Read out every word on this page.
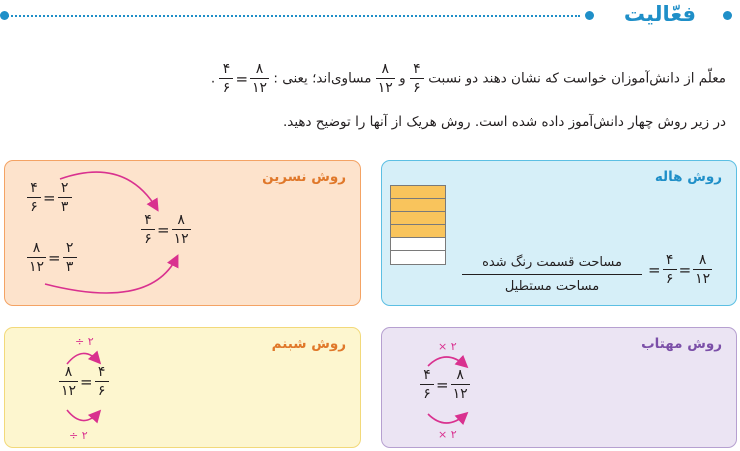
فعّالیت
معلّم از دانش‌آموزان خواست که نشان دهند دو نسبت
$\frac{۴}{۶}$
و
$\frac{۸}{۱۲}$
مساوی‌اند؛ یعنی :
$\frac{۴}{۶} = \frac{۸}{۱۲}$
.
در زیر روش چهار دانش‌آموز داده شده است. روش هریک از آنها را توضیح دهید.
روش نسرین
$\frac{۴}{۶} = \frac{۲}{۳}$
$\frac{۸}{۱۲} = \frac{۲}{۳}$
$\frac{۴}{۶} = \frac{۸}{۱۲}$
روش هاله
مساحت قسمت رنگ شده
مساحت مستطیل
= $\frac{۴}{۶} = \frac{۸}{۱۲}$
روش شبنم
÷ ۲
$\frac{۸}{۱۲} = \frac{۴}{۶}$
÷ ۲
روش مهتاب
× ۲
$\frac{۴}{۶} = \frac{۸}{۱۲}$
× ۲
